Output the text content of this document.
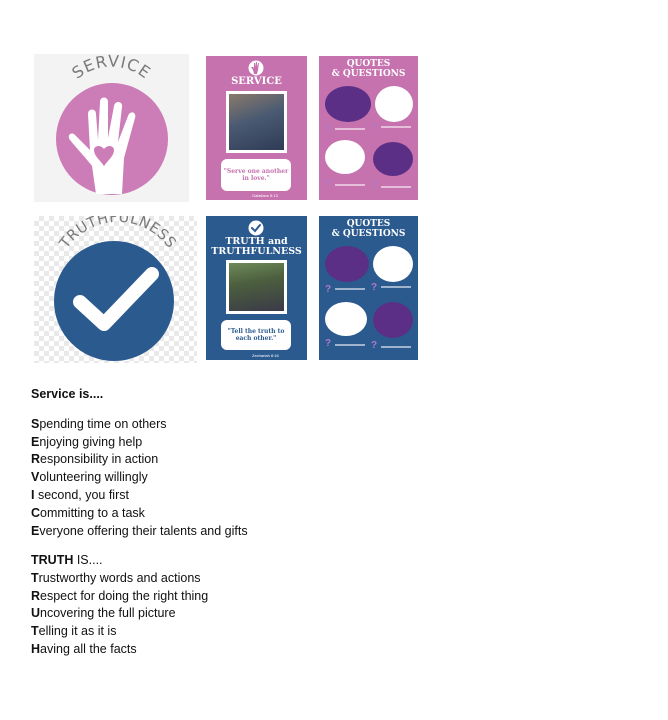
SERVICE	SERVICE
"Serve one another in love."
Galatians 5:13
QUOTES
& QUESTIONS
?	?
?	?
TRUTHFULNESS	TRUTH and
TRUTHFULNESS
"Tell the truth to each other."
Zechariah 8:16
QUOTES
& QUESTIONS
?	?
?	?
Service is....
Spending time on others
Enjoying giving help
Responsibility in action
Volunteering willingly
I second, you first
Committing to a task
Everyone offering their talents and gifts
TRUTH IS....
Trustworthy words and actions
Respect for doing the right thing
Uncovering the full picture
Telling it as it is
Having all the facts
